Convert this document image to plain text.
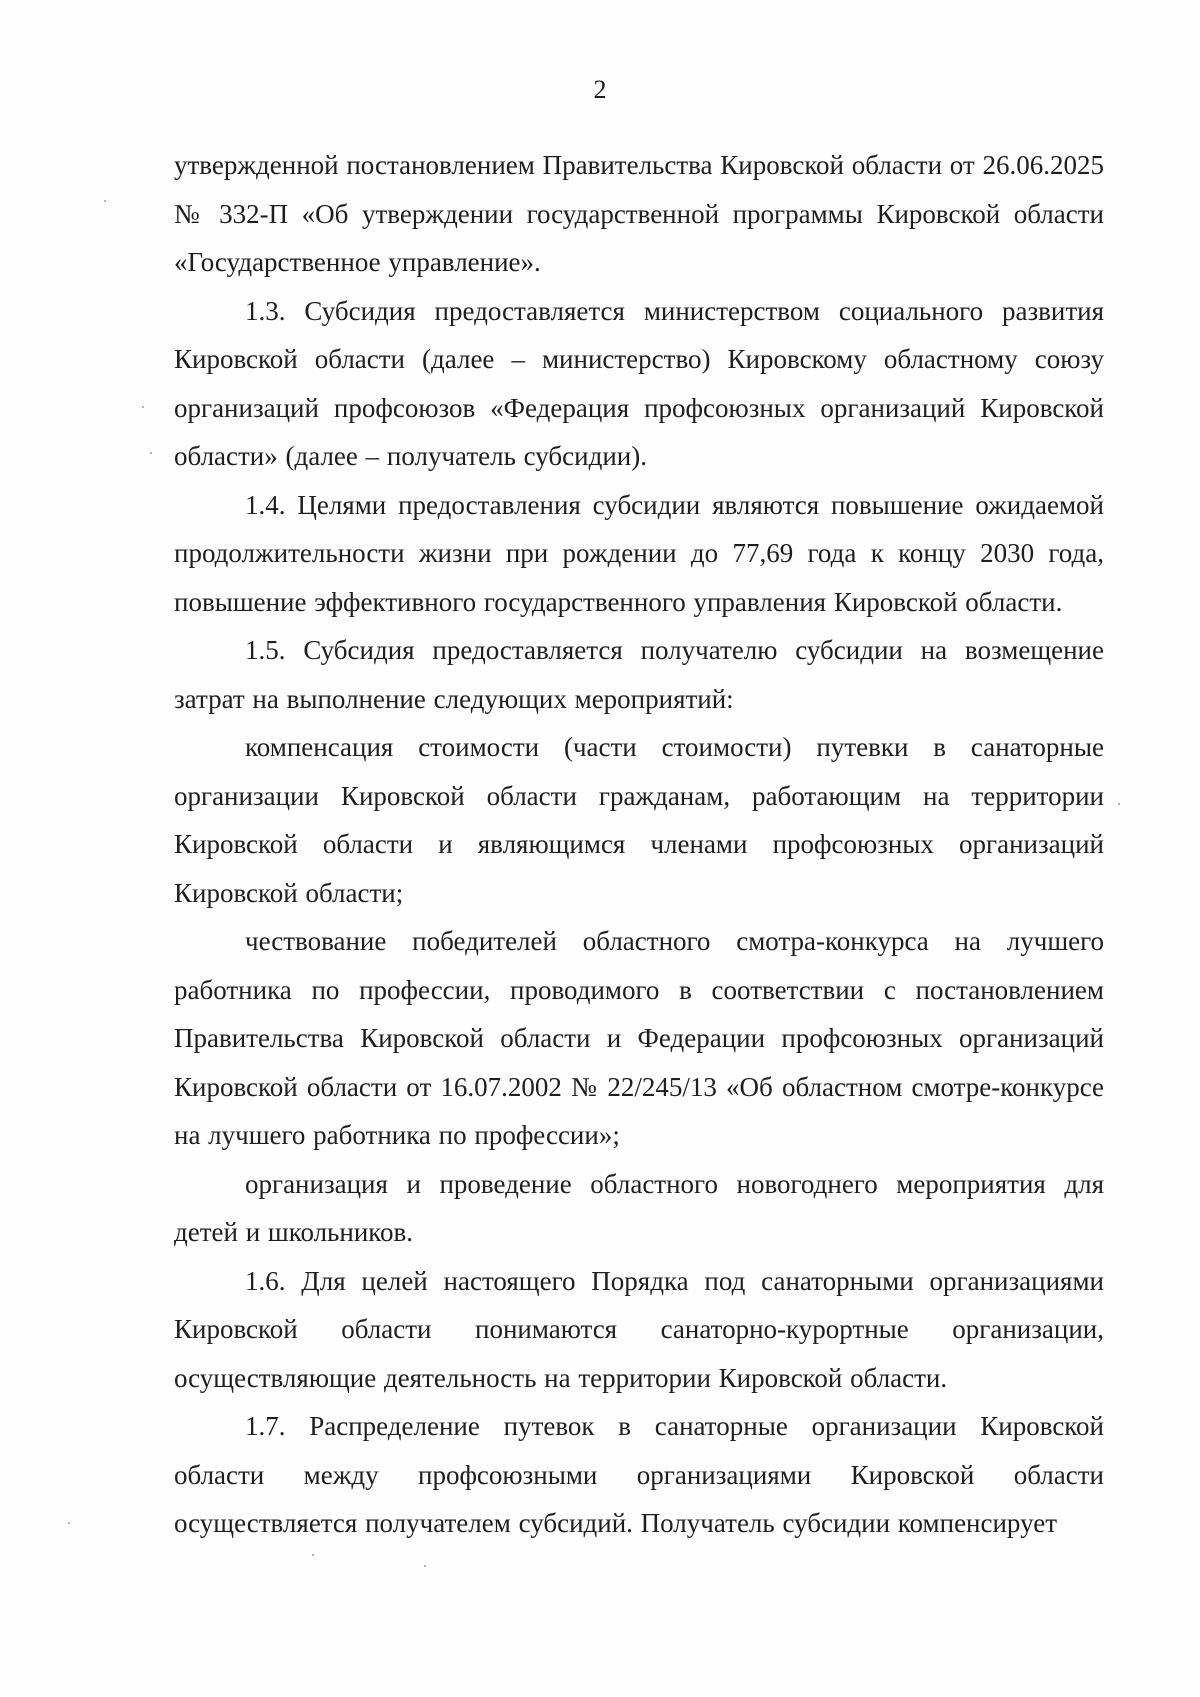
2

утвержденной постановлением Правительства Кировской области от 26.06.2025 № 332-П «Об утверждении государственной программы Кировской области «Государственное управление».

1.3. Субсидия предоставляется министерством социального развития Кировской области (далее – министерство) Кировскому областному союзу организаций профсоюзов «Федерация профсоюзных организаций Кировской области» (далее – получатель субсидии).

1.4. Целями предоставления субсидии являются повышение ожидаемой продолжительности жизни при рождении до 77,69 года к концу 2030 года, повышение эффективного государственного управления Кировской области.

1.5. Субсидия предоставляется получателю субсидии на возмещение затрат на выполнение следующих мероприятий:

компенсация стоимости (части стоимости) путевки в санаторные организации Кировской области гражданам, работающим на территории Кировской области и являющимся членами профсоюзных организаций Кировской области;

чествование победителей областного смотра-конкурса на лучшего работника по профессии, проводимого в соответствии с постановлением Правительства Кировской области и Федерации профсоюзных организаций Кировской области от 16.07.2002 № 22/245/13 «Об областном смотре-конкурсе на лучшего работника по профессии»;

организация и проведение областного новогоднего мероприятия для детей и школьников.

1.6. Для целей настоящего Порядка под санаторными организациями Кировской области понимаются санаторно-курортные организации, осуществляющие деятельность на территории Кировской области.

1.7. Распределение путевок в санаторные организации Кировской области между профсоюзными организациями Кировской области осуществляется получателем субсидий. Получатель субсидии компенсирует
